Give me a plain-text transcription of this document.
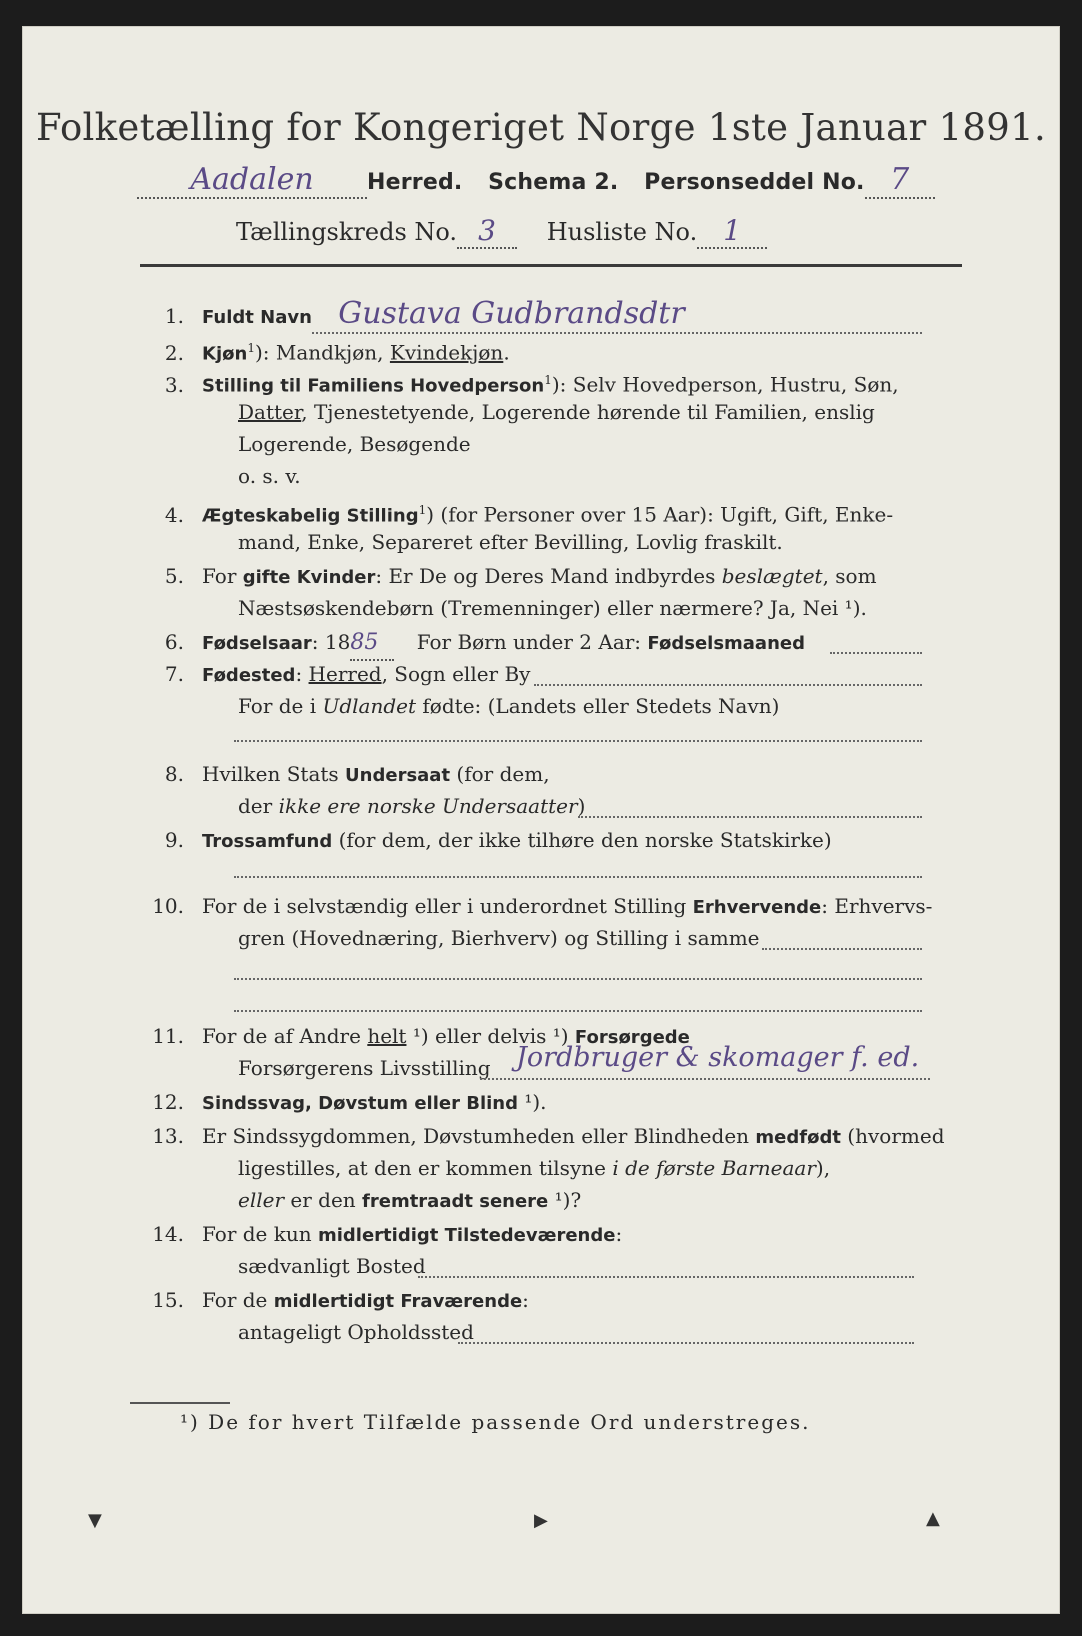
Folketælling for Kongeriget Norge 1ste Januar 1891.
Aadalen Herred. Schema 2. Personseddel No. 7
Tællingskreds No. 3 Husliste No. 1
1. Fuldt Navn Gustava Gudbrandsdtr
2. Kjøn$^1$): Mandkjøn, Kvindekjøn.
3. Stilling til Familiens Hovedperson$^1$): Selv Hovedperson, Hustru, Søn,
Datter, Tjenestetyende, Logerende hørende til Familien, enslig
Logerende, Besøgende
o. s. v.
4. Ægteskabelig Stilling$^1$) (for Personer over 15 Aar): Ugift, Gift, Enke-
mand, Enke, Separeret efter Bevilling, Lovlig fraskilt.
5. For gifte Kvinder: Er De og Deres Mand indbyrdes beslægtet, som
Næstsøskendebørn (Tremenninger) eller nærmere? Ja, Nei ¹).
6. Fødselsaar: 1885 For Børn under 2 Aar: Fødselsmaaned
7. Fødested: Herred, Sogn eller By
For de i Udlandet fødte: (Landets eller Stedets Navn)
8. Hvilken Stats Undersaat (for dem,
der ikke ere norske Undersaatter)
9. Trossamfund (for dem, der ikke tilhøre den norske Statskirke)
10. For de i selvstændig eller i underordnet Stilling Erhvervende: Erhvervs-
gren (Hovednæring, Bierhverv) og Stilling i samme
11. For de af Andre helt ¹) eller delvis ¹) Forsørgede
Forsørgerens Livsstilling Jordbruger & skomager f. ed.
12. Sindssvag, Døvstum eller Blind ¹).
13. Er Sindssygdommen, Døvstumheden eller Blindheden medfødt (hvormed
ligestilles, at den er kommen tilsyne i de første Barneaar),
eller er den fremtraadt senere ¹)?
14. For de kun midlertidigt Tilstedeværende:
sædvanligt Bosted
15. For de midlertidigt Fraværende:
antageligt Opholdssted
¹) De for hvert Tilfælde passende Ord understreges.
▼	▶	▲
